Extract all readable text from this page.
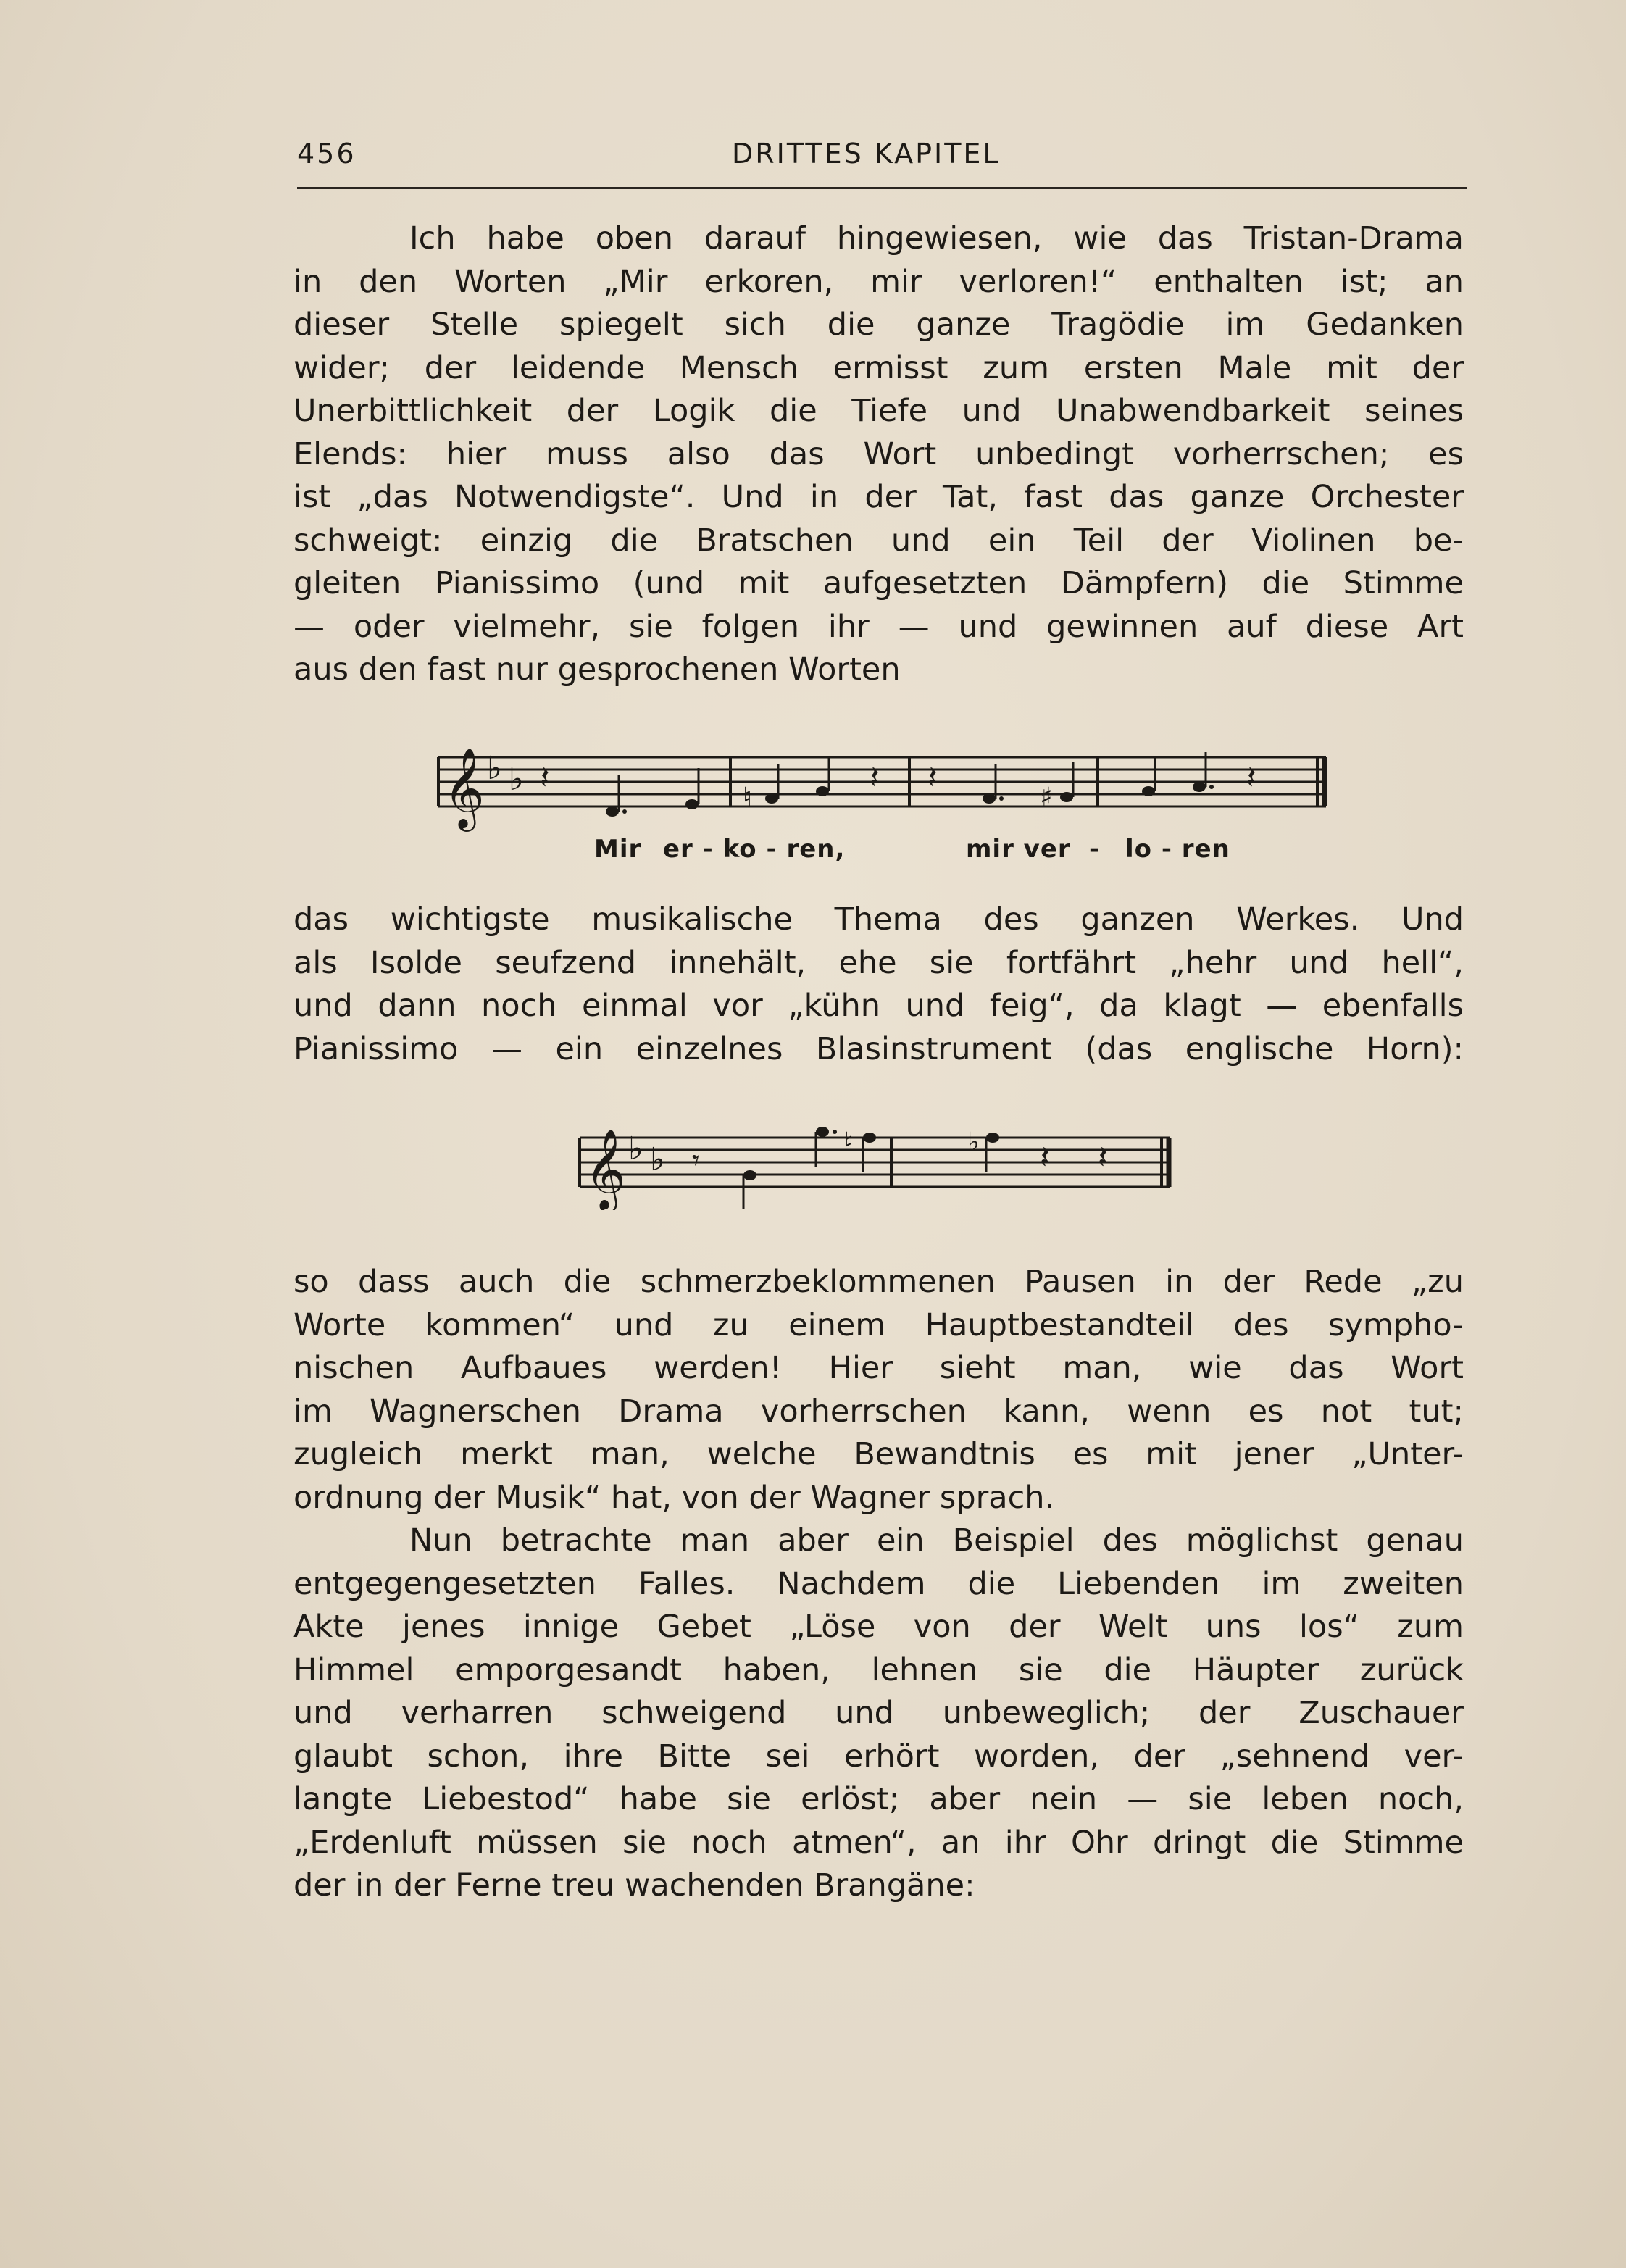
456	DRITTES KAPITEL
Ich habe oben darauf hingewiesen, wie das Tristan-Drama
in den Worten „Mir erkoren, mir verloren!“ enthalten ist; an
dieser Stelle spiegelt sich die ganze Tragödie im Gedanken
wider; der leidende Mensch ermisst zum ersten Male mit der
Unerbittlichkeit der Logik die Tiefe und Unabwendbarkeit seines
Elends: hier muss also das Wort unbedingt vorherrschen; es
ist „das Notwendigste“. Und in der Tat, fast das ganze Orchester
schweigt: einzig die Bratschen und ein Teil der Violinen be-
gleiten Pianissimo (und mit aufgesetzten Dämpfern) die Stimme
— oder vielmehr, sie folgen ihr — und gewinnen auf diese Art
aus den fast nur gesprochenen Worten
𝄞 ♭ ♭ 𝄽
♮
𝄽 𝄽
♯
𝄽
Mir er - ko - ren,	mir ver - lo - ren
das wichtigste musikalische Thema des ganzen Werkes. Und
als Isolde seufzend innehält, ehe sie fortfährt „hehr und hell“,
und dann noch einmal vor „kühn und feig“, da klagt — ebenfalls
Pianissimo — ein einzelnes Blasinstrument (das englische Horn):
𝄞 ♭ ♭ 𝄾
♮	♭ 𝄽 𝄽
so dass auch die schmerzbeklommenen Pausen in der Rede „zu
Worte kommen“ und zu einem Hauptbestandteil des sympho-
nischen Aufbaues werden! Hier sieht man, wie das Wort
im Wagnerschen Drama vorherrschen kann, wenn es not tut;
zugleich merkt man, welche Bewandtnis es mit jener „Unter-
ordnung der Musik“ hat, von der Wagner sprach.
Nun betrachte man aber ein Beispiel des möglichst genau
entgegengesetzten Falles. Nachdem die Liebenden im zweiten
Akte jenes innige Gebet „Löse von der Welt uns los“ zum
Himmel emporgesandt haben, lehnen sie die Häupter zurück
und verharren schweigend und unbeweglich; der Zuschauer
glaubt schon, ihre Bitte sei erhört worden, der „sehnend ver-
langte Liebestod“ habe sie erlöst; aber nein — sie leben noch,
„Erdenluft müssen sie noch atmen“, an ihr Ohr dringt die Stimme
der in der Ferne treu wachenden Brangäne:
